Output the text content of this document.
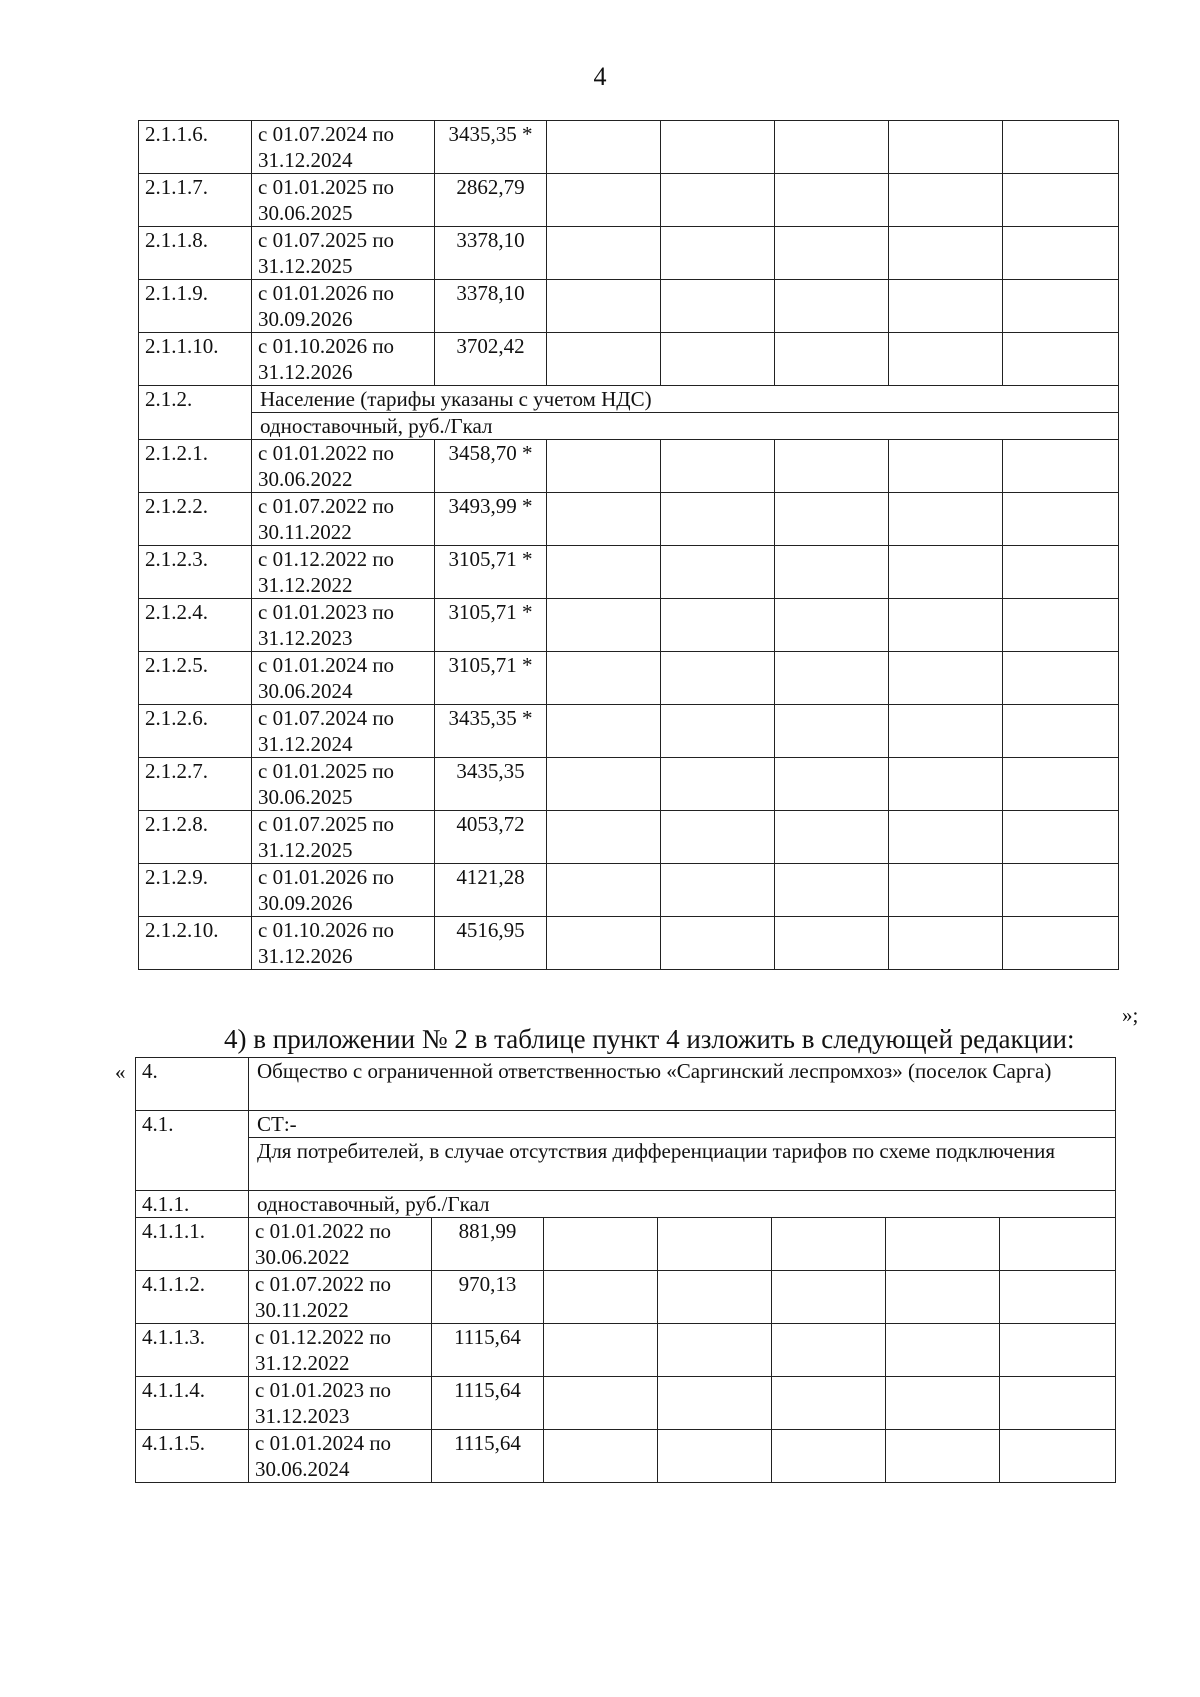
4
2.1.1.6.	с 01.07.2024 по 31.12.2024	3435,35 *					
2.1.1.7.	с 01.01.2025 по 30.06.2025	2862,79					
2.1.1.8.	с 01.07.2025 по 31.12.2025	3378,10					
2.1.1.9.	с 01.01.2026 по 30.09.2026	3378,10					
2.1.1.10.	с 01.10.2026 по 31.12.2026	3702,42					
2.1.2.	Население (тарифы указаны с учетом НДС)						
	одноставочный, руб./Гкал						
2.1.2.1.	с 01.01.2022 по 30.06.2022	3458,70 *					
2.1.2.2.	с 01.07.2022 по 30.11.2022	3493,99 *					
2.1.2.3.	с 01.12.2022 по 31.12.2022	3105,71 *					
2.1.2.4.	с 01.01.2023 по 31.12.2023	3105,71 *					
2.1.2.5.	с 01.01.2024 по 30.06.2024	3105,71 *					
2.1.2.6.	с 01.07.2024 по 31.12.2024	3435,35 *					
2.1.2.7.	с 01.01.2025 по 30.06.2025	3435,35					
2.1.2.8.	с 01.07.2025 по 31.12.2025	4053,72					
2.1.2.9.	с 01.01.2026 по 30.09.2026	4121,28					
2.1.2.10.	с 01.10.2026 по 31.12.2026	4516,95					
»;
4) в приложении № 2 в таблице пункт 4 изложить в следующей редакции:
« 4.	Общество с ограниченной ответственностью «Саргинский леспромхоз» (поселок Сарга)						
4.1.	СТ:-						
	Для потребителей, в случае отсутствия дифференциации тарифов по схеме подключения						
4.1.1.	одноставочный, руб./Гкал						
4.1.1.1.	с 01.01.2022 по 30.06.2022	881,99					
4.1.1.2.	с 01.07.2022 по 30.11.2022	970,13					
4.1.1.3.	с 01.12.2022 по 31.12.2022	1115,64					
4.1.1.4.	с 01.01.2023 по 31.12.2023	1115,64					
4.1.1.5.	с 01.01.2024 по 30.06.2024	1115,64					
